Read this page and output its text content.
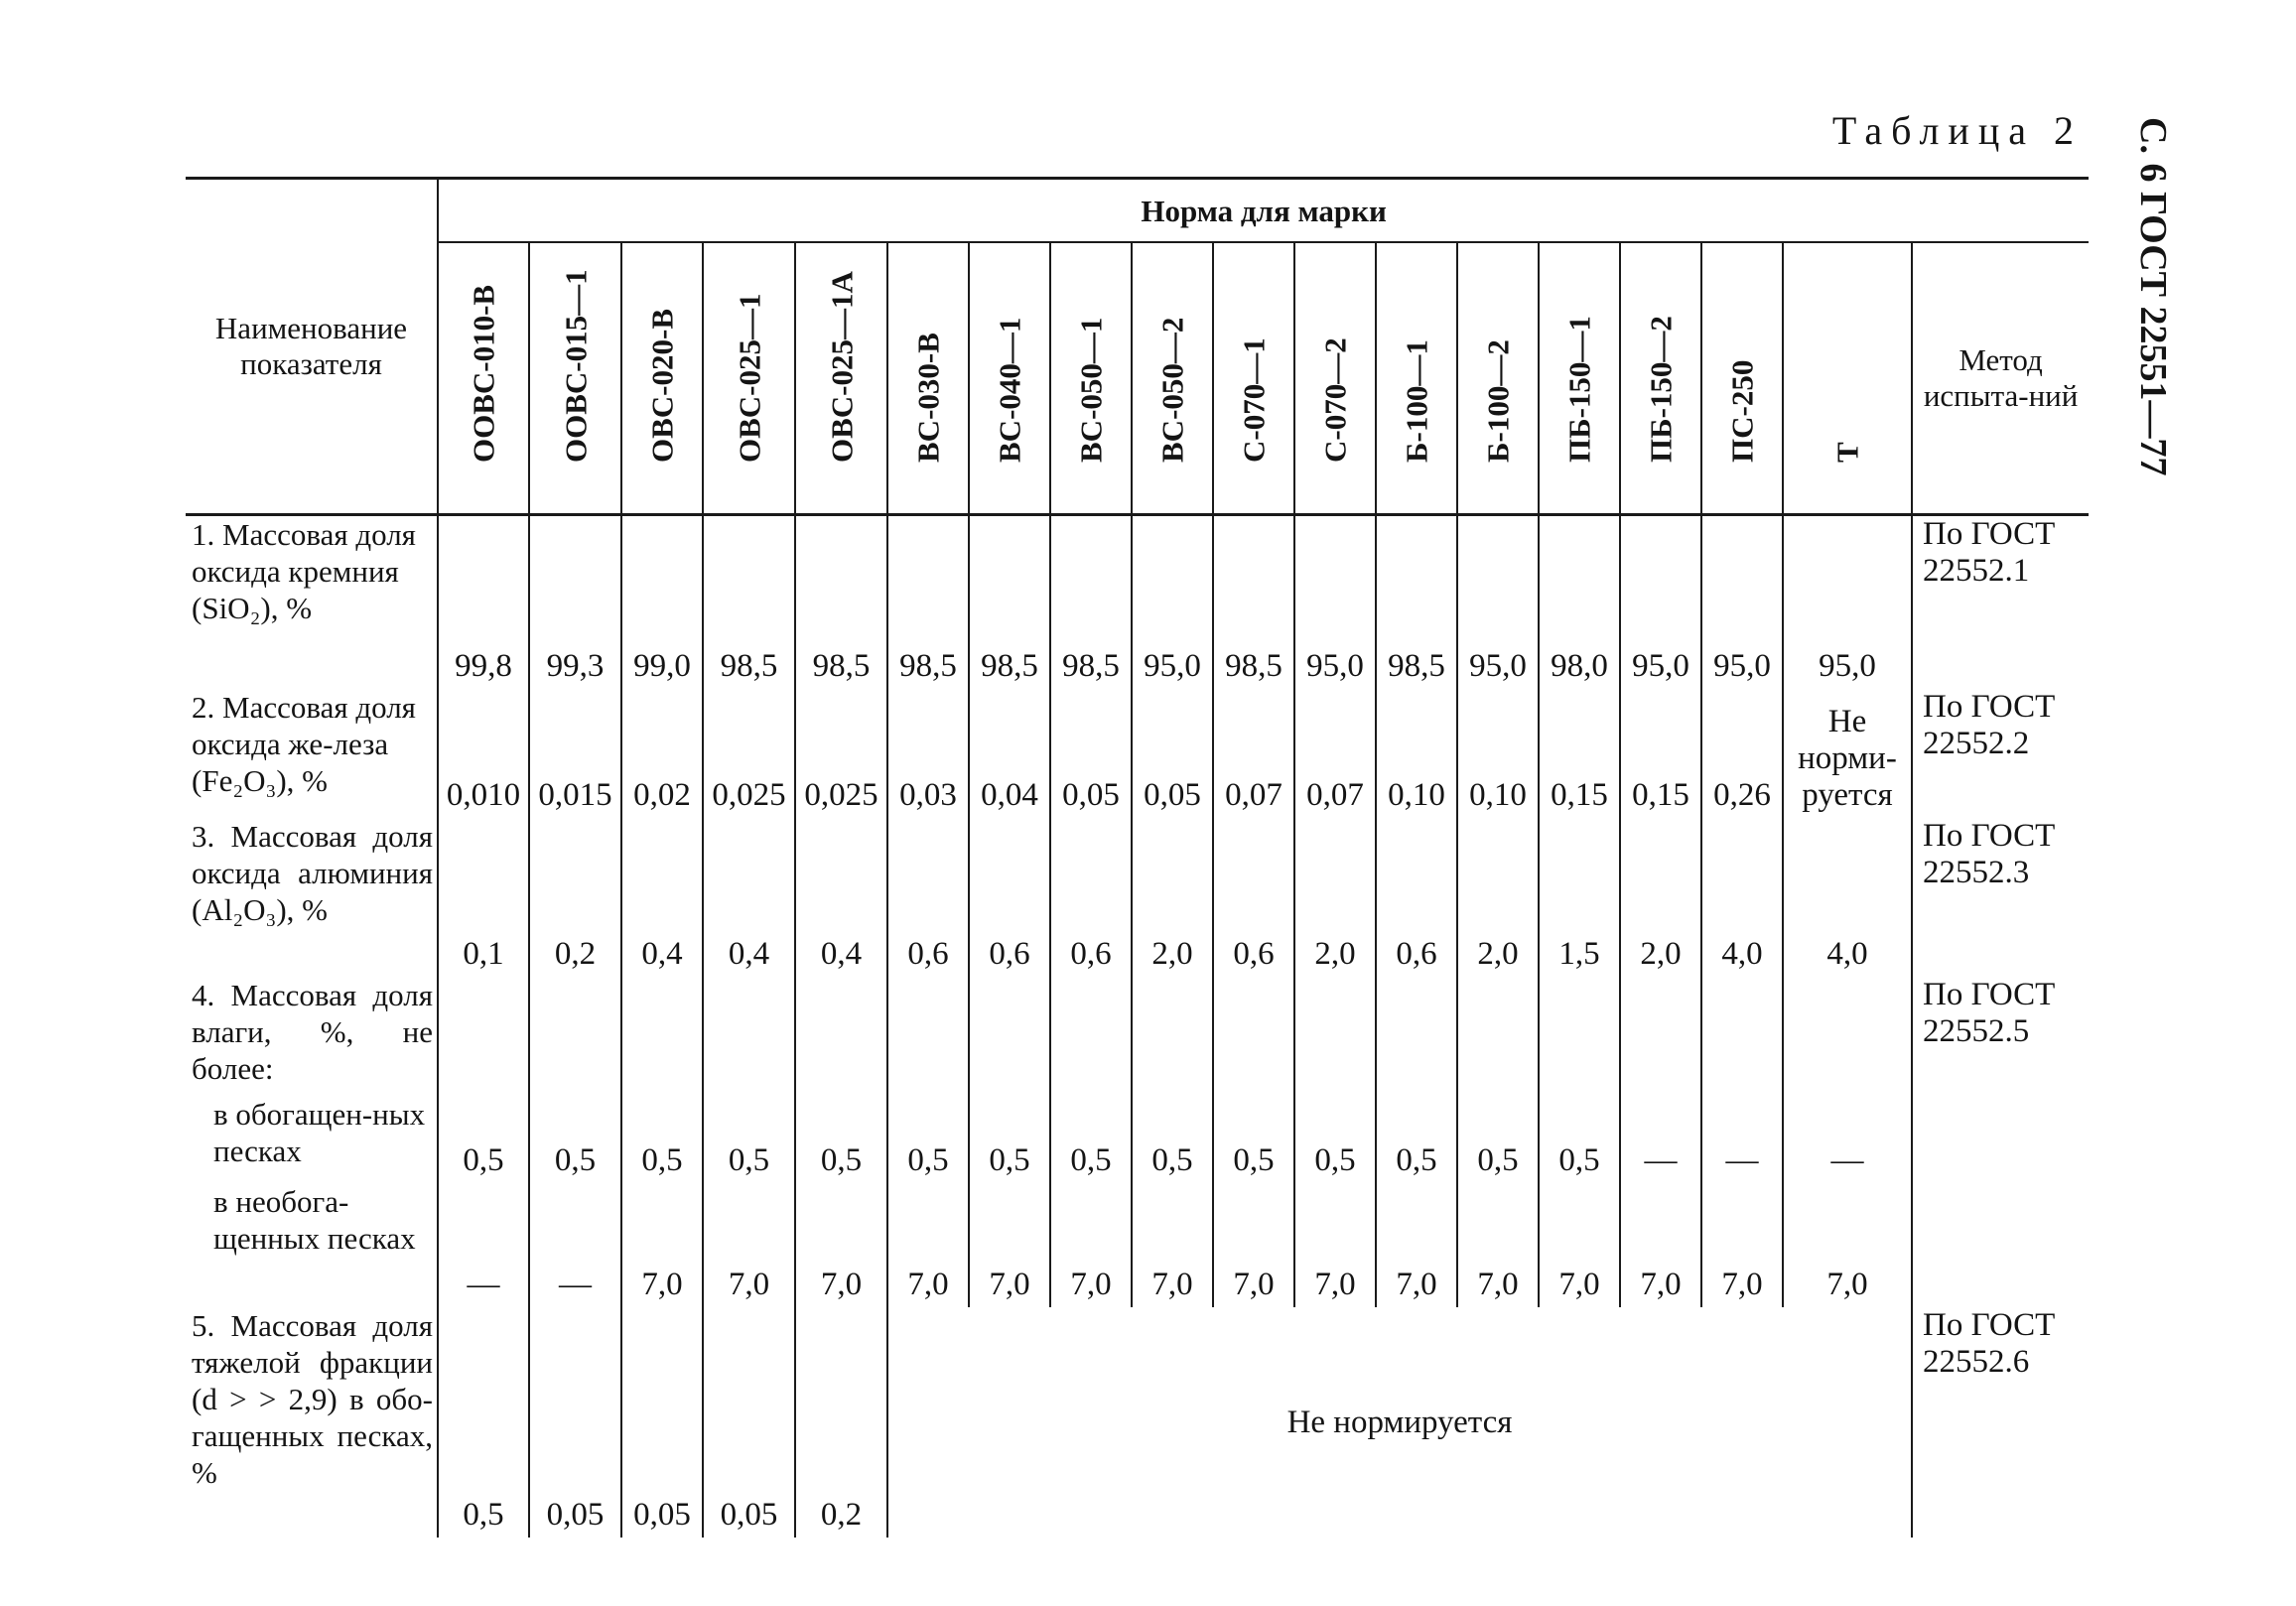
Таблица 2 С. 6 ГОСТ 22551—77
Наименование показателя	Норма для марки																	

	ООВС-010-В	ООВС-015—1	ОВС-020-В	ОВС-025—1	ОВС-025—1А	ВС-030-В	ВС-040—1	ВС-050—1	ВС-050—2	С-070—1	С-070—2	Б-100—1	Б-100—2	ПБ-150—1	ПБ-150—2	ПС-250	Т	Метод испыта-ний
1. Массовая доля оксида кремния (SiO₂), %	99,8	99,3	99,0	98,5	98,5	98,5	98,5	98,5	95,0	98,5	95,0	98,5	95,0	98,0	95,0	95,0	95,0	По ГОСТ 22552.1
2. Массовая доля оксида же-леза (Fe₂O₃), %	0,010	0,015	0,02	0,025	0,025	0,03	0,04	0,05	0,05	0,07	0,07	0,10	0,10	0,15	0,15	0,26	Не норми-руется	По ГОСТ 22552.2
3. Массовая доля оксида алюминия (Al₂O₃), %	0,1	0,2	0,4	0,4	0,4	0,6	0,6	0,6	2,0	0,6	2,0	0,6	2,0	1,5	2,0	4,0	4,0	По ГОСТ 22552.3
4. Массовая доля влаги, %, не более:																		По ГОСТ 22552.5
в обогащен-ных песках	0,5	0,5	0,5	0,5	0,5	0,5	0,5	0,5	0,5	0,5	0,5	0,5	0,5	0,5	—	—	—	
в необога-щенных песках	—	—	7,0	7,0	7,0	7,0	7,0	7,0	7,0	7,0	7,0	7,0	7,0	7,0	7,0	7,0	7,0	
5. Массовая доля тяжелой фракции (d > > 2,9) в обо-гащенных песках, %	0,5	0,05	0,05	0,05	0,2	Не нормируется												По ГОСТ 22552.6
